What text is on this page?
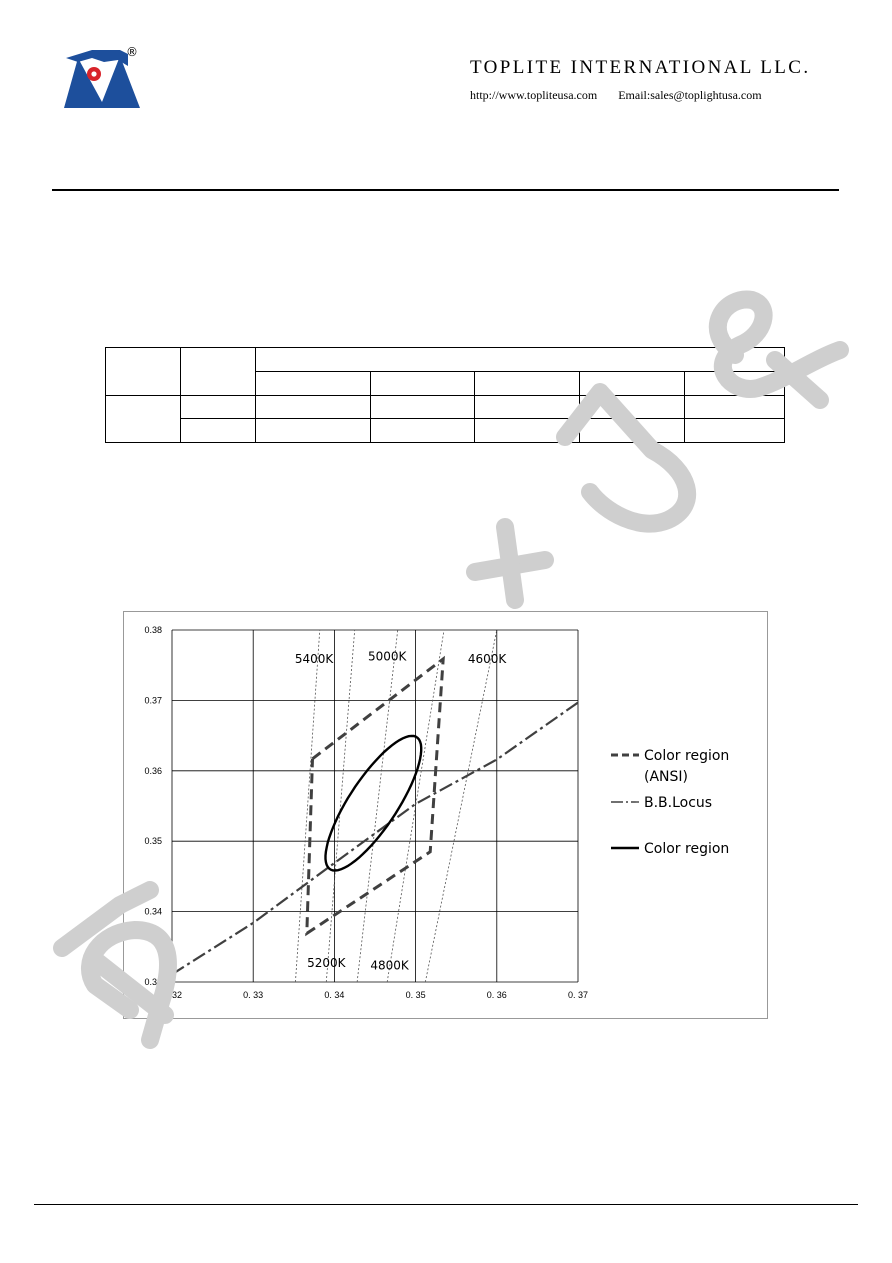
®
TOPLITE INTERNATIONAL LLC.
http://www.topliteusa.com Email:sales@toplightusa.com

0. 32	0. 33	0. 34	0. 35	0. 36	0. 37
0.33
0.34
0.35
0.36
0.37
0.38
5400K	5000K	4600K
5200K 4800K
Color region
(ANSI)
B.B.Locus
Color region
